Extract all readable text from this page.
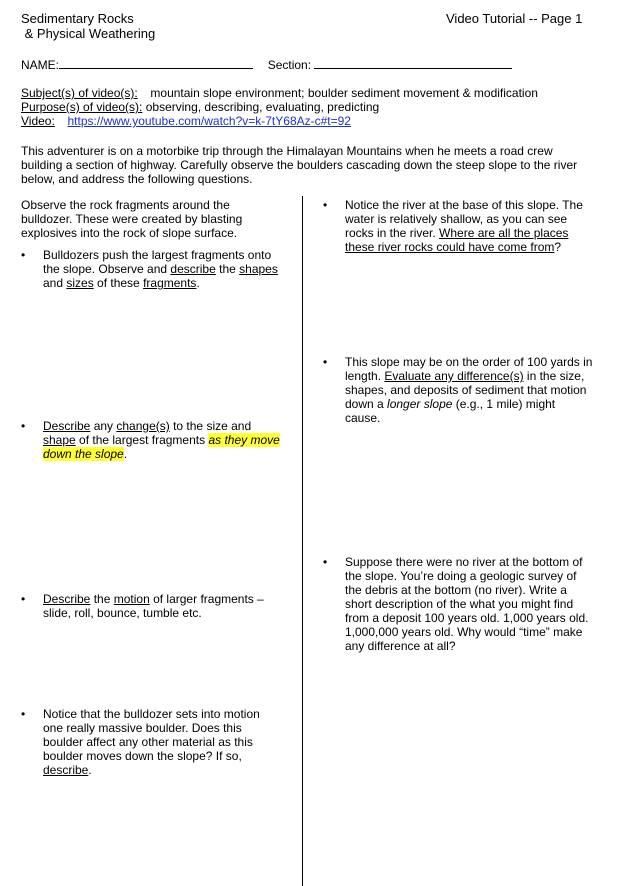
Sedimentary Rocks
& Physical Weathering
Video Tutorial -- Page 1
NAME:	Section:
Subject(s) of video(s): mountain slope environment; boulder sediment movement & modification
Purpose(s) of video(s): observing, describing, evaluating, predicting
Video: https://www.youtube.com/watch?v=k-7tY68Az-c#t=92
This adventurer is on a motorbike trip through the Himalayan Mountains when he meets a road crew building a section of highway. Carefully observe the boulders cascading down the steep slope to the river below, and address the following questions.
Observe the rock fragments around the bulldozer. These were created by blasting explosives into the rock of slope surface.
•	Bulldozers push the largest fragments onto the slope. Observe and describe the shapes and sizes of these fragments.
•	Describe any change(s) to the size and shape of the largest fragments as they move down the slope.
•	Describe the motion of larger fragments – slide, roll, bounce, tumble etc.
•	Notice that the bulldozer sets into motion one really massive boulder. Does this boulder affect any other material as this boulder moves down the slope? If so, describe.
•	Notice the river at the base of this slope. The water is relatively shallow, as you can see rocks in the river. Where are all the places these river rocks could have come from?
•	This slope may be on the order of 100 yards in length. Evaluate any difference(s) in the size, shapes, and deposits of sediment that motion down a longer slope (e.g., 1 mile) might cause.
•	Suppose there were no river at the bottom of the slope. You’re doing a geologic survey of the debris at the bottom (no river). Write a short description of the what you might find from a deposit 100 years old. 1,000 years old. 1,000,000 years old. Why would “time” make any difference at all?
